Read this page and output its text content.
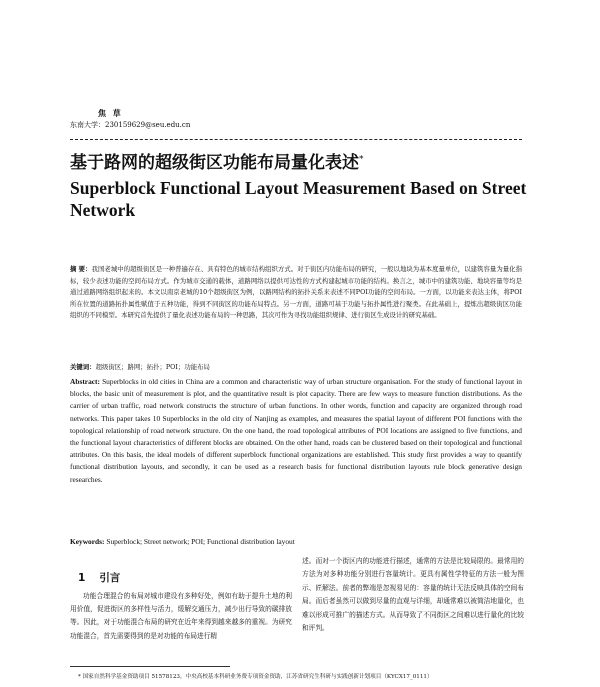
焦 草
东南大学：230159629@seu.edu.cn
基于路网的超级街区功能布局量化表述*
Superblock Functional Layout Measurement Based on Street Network
摘 要：我国老城中的超级街区是一种普遍存在、具有特色的城市结构组织方式。对于街区内功能布局的研究，一般以地块为基本度量单位，以建筑容量为量化指标，较少表述功能的空间布局方式。作为城市交通的载体，道路网络以提供可达性的方式构建起城市功能的结构。换言之，城市中的建筑功能、地块容量等均是通过道路网络组织起来的。本文以南京老城的10个超级街区为例，以路网结构的拓扑关系来表述不同POI功能的空间布局。一方面，以功能来表达主体，将POI所在位置的道路拓扑属性赋值于五种功能，得到不同街区的功能布局特点。另一方面，道路可基于功能与拓扑属性进行聚类。在此基础上，提炼出超级街区功能组织的不同模型。本研究首先提供了量化表述功能布局的一种思路，其次可作为寻找功能组织规律、进行街区生成设计的研究基础。
关键词：超级街区；路网；拓扑；POI；功能布局
Abstract: Superblocks in old cities in China are a common and characteristic way of urban structure organisation. For the study of functional layout in blocks, the basic unit of measurement is plot, and the quantitative result is plot capacity. There are few ways to measure function distributions. As the carrier of urban traffic, road network constructs the structure of urban functions. In other words, function and capacity are organized through road networks. This paper takes 10 Superblocks in the old city of Nanjing as examples, and measures the spatial layout of different POI functions with the topological relationship of road network structure. On the one hand, the road topological attributes of POI locations are assigned to five functions, and the functional layout characteristics of different blocks are obtained. On the other hand, roads can be clustered based on their topological and functional attributes. On this basis, the ideal models of different superblock functional organizations are established. This study first provides a way to quantify functional distribution layouts, and secondly, it can be used as a research basis for functional distribution layouts rule block generative design researches.
Keywords: Superblock; Street network; POI; Functional distribution layout
1 引言
功能合理混合的布局对城市建设有多种好处，例如有助于提升土地的利用价值，促进街区的多样性与活力，缓解交通压力，减少出行导致的碳排放等。因此，对于功能混合布局的研究在近年来得到越来越多的重视。为研究功能混合，首先需要得到的是对功能的布局进行精
述。而对一个街区内的功能进行描述，通常的方法是比较局限的。最常用的方法为对多种功能分别进行容量统计。更具有属性学特征的方法一般为图示、匠解法。前者的弊端是忽视易见的：容量的统计无法反映具体的空间布局。而后者虽然可以做到尽量的直观与详细，却通常难以被简洁地量化，也难以形成可推广的描述方式。从而导致了不同街区之间难以进行量化的比较和评判。
* 国家自然科学基金资助项目 51578123，中央高校基本科研业务费专项资金资助，江苏省研究生科研与实践创新计划项目（KYCX17_0111）
